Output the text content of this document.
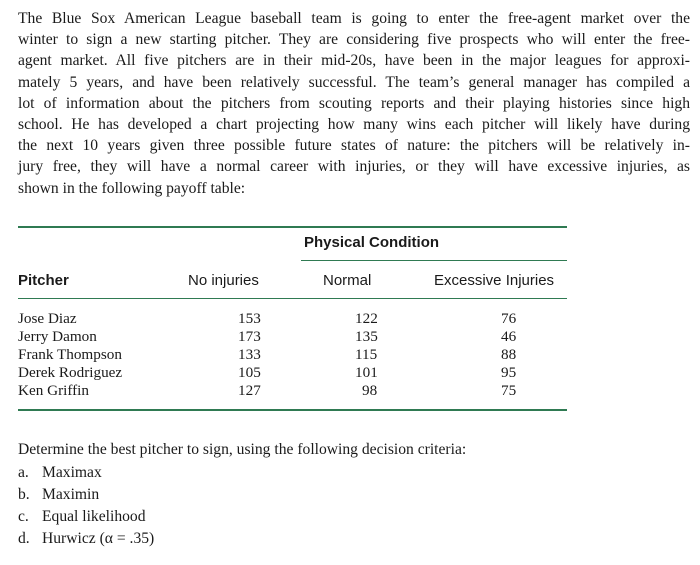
The Blue Sox American League baseball team is going to enter the free-agent market over the
winter to sign a new starting pitcher. They are considering five prospects who will enter the free-
agent market. All five pitchers are in their mid-20s, have been in the major leagues for approxi-
mately 5 years, and have been relatively successful. The team’s general manager has compiled a
lot of information about the pitchers from scouting reports and their playing histories since high
school. He has developed a chart projecting how many wins each pitcher will likely have during
the next 10 years given three possible future states of nature: the pitchers will be relatively in-
jury free, they will have a normal career with injuries, or they will have excessive injuries, as
shown in the following payoff table:
Physical Condition
Pitcher	No injuries	Normal	Excessive Injuries
Jose Diaz	153	122	76
Jerry Damon	173	135	46
Frank Thompson	133	115	88
Derek Rodriguez	105	101	95
Ken Griffin	127	98	75
Determine the best pitcher to sign, using the following decision criteria:
a. Maximax
b. Maximin
c. Equal likelihood
d. Hurwicz (α = .35)
